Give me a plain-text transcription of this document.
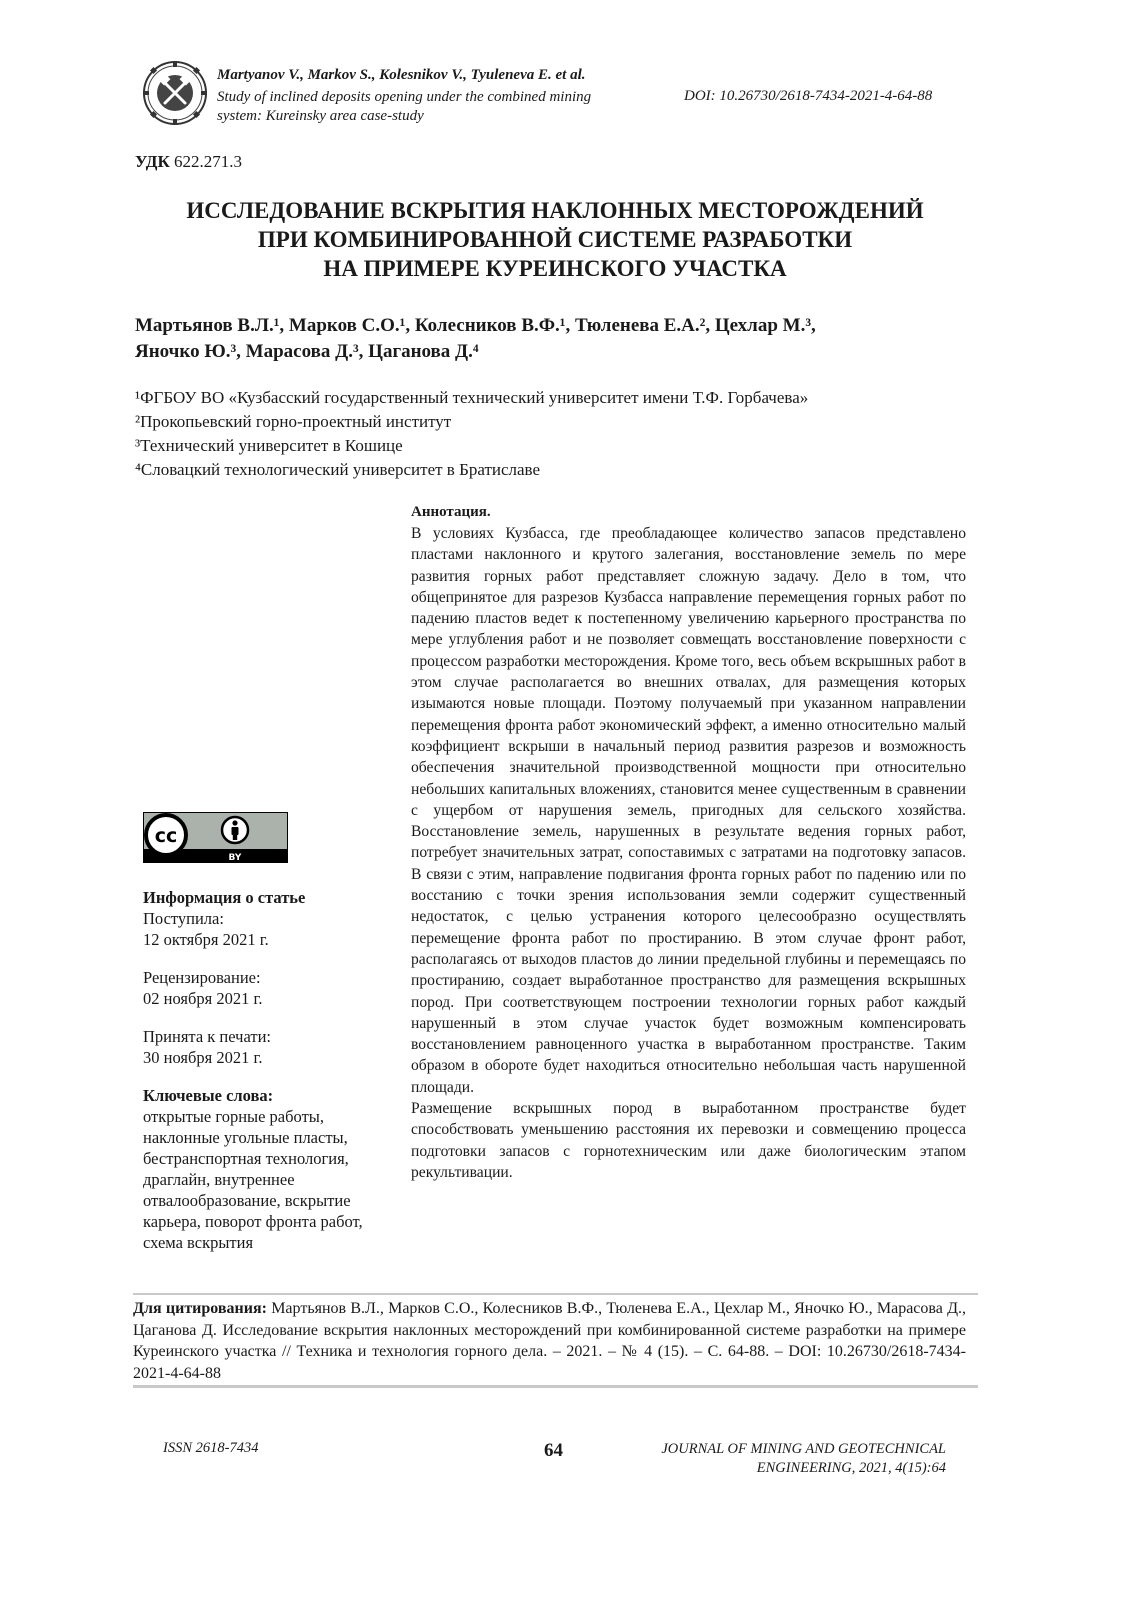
Martyanov V., Markov S., Kolesnikov V., Tyuleneva E. et al.
Study of inclined deposits opening under the combined mining
system: Kureinsky area case-study
DOI: 10.26730/2618-7434-2021-4-64-88
УДК 622.271.3
ИССЛЕДОВАНИЕ ВСКРЫТИЯ НАКЛОННЫХ МЕСТОРОЖДЕНИЙ
ПРИ КОМБИНИРОВАННОЙ СИСТЕМЕ РАЗРАБОТКИ
НА ПРИМЕРЕ КУРЕИНСКОГО УЧАСТКА
Мартьянов В.Л.¹, Марков С.О.¹, Колесников В.Ф.¹, Тюленева Е.А.², Цехлар М.³,
Яночко Ю.³, Марасова Д.³, Цаганова Д.⁴
¹ФГБОУ ВО «Кузбасский государственный технический университет имени Т.Ф. Горбачева»
²Прокопьевский горно-проектный институт
³Технический университет в Кошице
⁴Словацкий технологический университет в Братиславе
Аннотация.
В условиях Кузбасса, где преобладающее количество запасов представлено пластами наклонного и крутого залегания, восстановление земель по мере развития горных работ представляет сложную задачу. Дело в том, что общепринятое для разрезов Кузбасса направление перемещения горных работ по падению пластов ведет к постепенному увеличению карьерного пространства по мере углубления работ и не позволяет совмещать восстановление поверхности с процессом разработки месторождения. Кроме того, весь объем вскрышных работ в этом случае располагается во внешних отвалах, для размещения которых изымаются новые площади. Поэтому получаемый при указанном направлении перемещения фронта работ экономический эффект, а именно относительно малый коэффициент вскрыши в начальный период развития разрезов и возможность обеспечения значительной производственной мощности при относительно небольших капитальных вложениях, становится менее существенным в сравнении с ущербом от нарушения земель, пригодных для сельского хозяйства. Восстановление земель, нарушенных в результате ведения горных работ, потребует значительных затрат, сопоставимых с затратами на подготовку запасов. В связи с этим, направление подвигания фронта горных работ по падению или по восстанию с точки зрения использования земли содержит существенный недостаток, с целью устранения которого целесообразно осуществлять перемещение фронта работ по простиранию. В этом случае фронт работ, располагаясь от выходов пластов до линии предельной глубины и перемещаясь по простиранию, создает выработанное пространство для размещения вскрышных пород. При соответствующем построении технологии горных работ каждый нарушенный в этом случае участок будет возможным компенсировать восстановлением равноценного участка в выработанном пространстве. Таким образом в обороте будет находиться относительно небольшая часть нарушенной площади.
Размещение вскрышных пород в выработанном пространстве будет способствовать уменьшению расстояния их перевозки и совмещению процесса подготовки запасов с горнотехническим или даже биологическим этапом рекультивации.
cc
BY
Информация о статье
Поступила:
12 октября 2021 г.
Рецензирование:
02 ноября 2021 г.
Принята к печати:
30 ноября 2021 г.
Ключевые слова:
открытые горные работы, наклонные угольные пласты, бестранспортная технология, драглайн, внутреннее отвалообразование, вскрытие карьера, поворот фронта работ, схема вскрытия
Для цитирования: Мартьянов В.Л., Марков С.О., Колесников В.Ф., Тюленева Е.А., Цехлар М., Яночко Ю., Марасова Д., Цаганова Д. Исследование вскрытия наклонных месторождений при комбинированной системе разработки на примере Куреинского участка // Техника и технология горного дела. – 2021. – № 4 (15). – С. 64-88. – DOI: 10.26730/2618-7434-2021-4-64-88
ISSN 2618-7434	64	JOURNAL OF MINING AND GEOTECHNICAL
ENGINEERING, 2021, 4(15):64
